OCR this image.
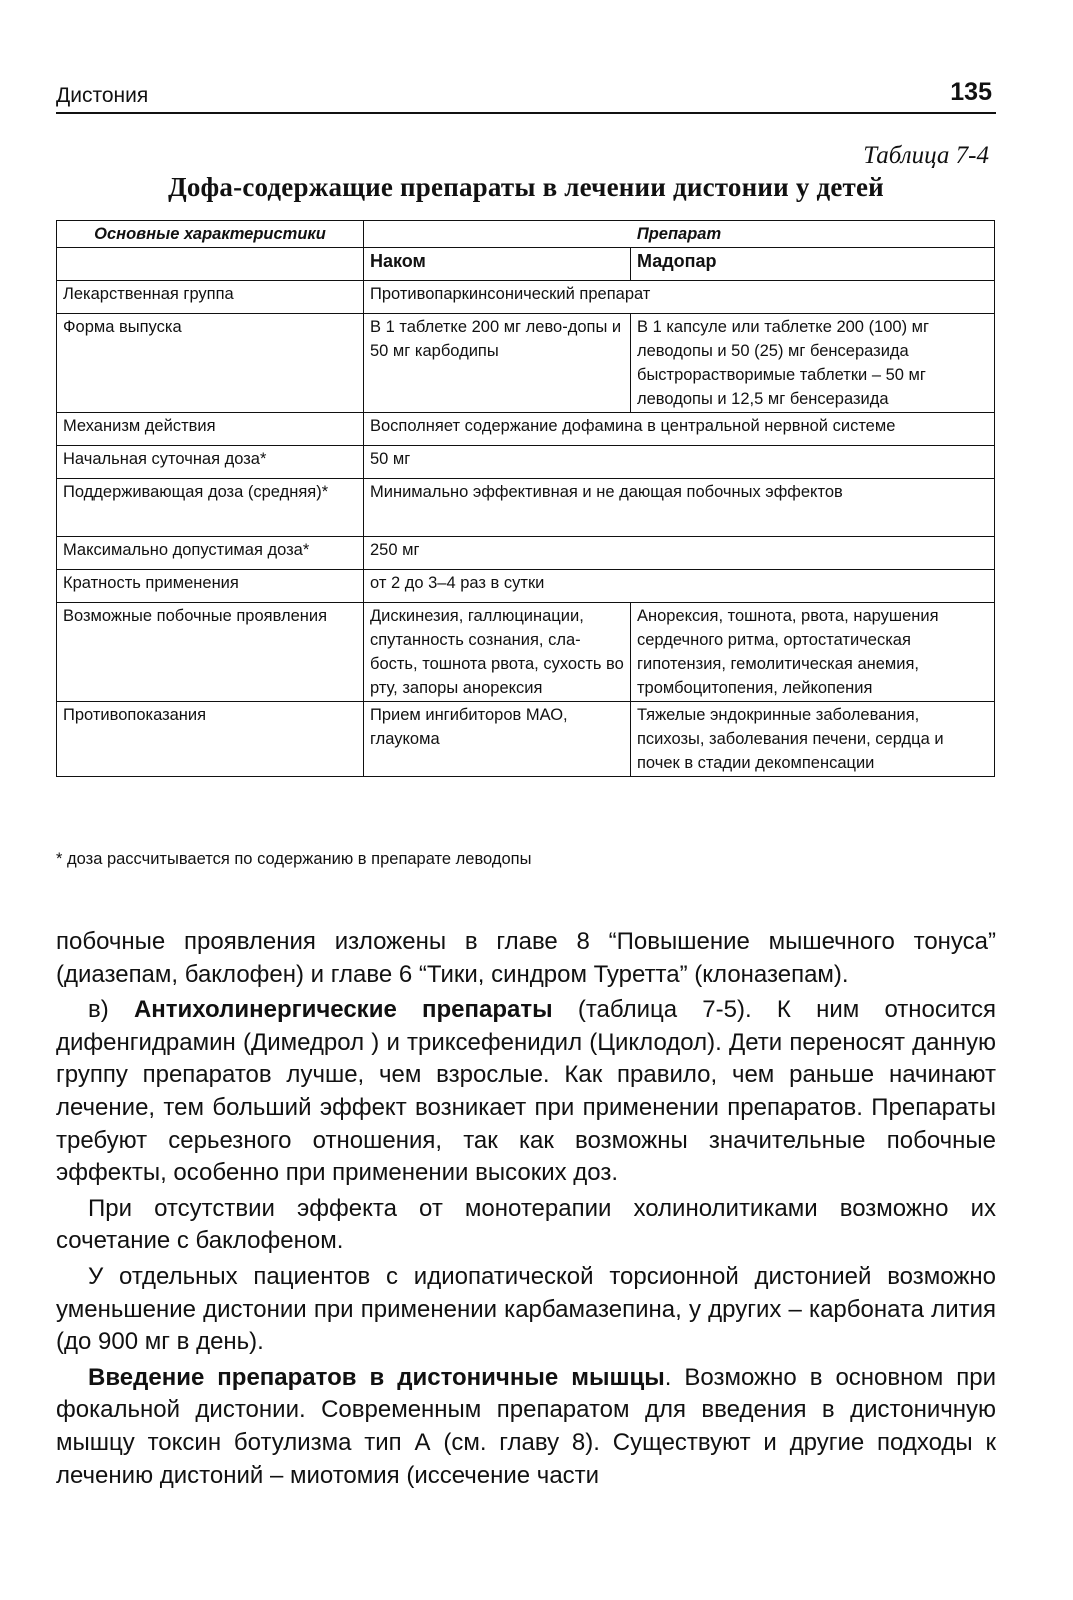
Дистония	135
Таблица 7-4
Дофа-содержащие препараты в лечении дистонии у детей
Основные характеристики	Препарат	
	Наком	Мадопар
Лекарственная группа	Противопаркинсонический препарат	
Форма выпуска	В 1 таблетке 200 мг лево-допы и 50 мг карбодипы	В 1 капсуле или таблетке 200 (100) мг леводопы и 50 (25) мг бенсеразида быстрорастворимые таблетки – 50 мг леводопы и 12,5 мг бенсеразида
Механизм действия	Восполняет содержание дофамина в центральной нервной системе	
Начальная суточная доза*	50 мг	
Поддерживающая доза (средняя)*	Минимально эффективная и не дающая побочных эффектов	
Максимально допустимая доза*	250 мг	
Кратность применения	от 2 до 3–4 раз в сутки	
Возможные побочные проявления	Дискинезия, галлюцинации, спутанность сознания, сла-бость, тошнота рвота, сухость во рту, запоры анорексия	Анорексия, тошнота, рвота, нарушения сердечного ритма, ортостатическая гипотензия, гемолитическая анемия, тромбоцитопения, лейкопения
Противопоказания	Прием ингибиторов МАО, глаукома	Тяжелые эндокринные заболевания, психозы, заболевания печени, сердца и почек в стадии декомпенсации
* доза рассчитывается по содержанию в препарате леводопы

побочные проявления изложены в главе 8 “Повышение мышечного тонуса” (диазепам, баклофен) и главе 6 “Тики, синдром Туретта” (клоназепам).

в) Антихолинергические препараты (таблица 7-5). К ним относится дифенгидрамин (Димедрол ) и триксефенидил (Циклодол). Дети переносят данную группу препаратов лучше, чем взрослые. Как правило, чем раньше начинают лечение, тем больший эффект возникает при применении препаратов. Препараты требуют серьезного отношения, так как возможны значительные побочные эффекты, особенно при применении высоких доз.

При отсутствии эффекта от монотерапии холинолитиками возможно их сочетание с баклофеном.

У отдельных пациентов с идиопатической торсионной дистонией возможно уменьшение дистонии при применении карбамазепина, у других – карбоната лития (до 900 мг в день).

Введение препаратов в дистоничные мышцы. Возможно в основном при фокальной дистонии. Современным препаратом для введения в дистоничную мышцу токсин ботулизма тип А (см. главу 8). Существуют и другие подходы к лечению дистоний – миотомия (иссечение части
